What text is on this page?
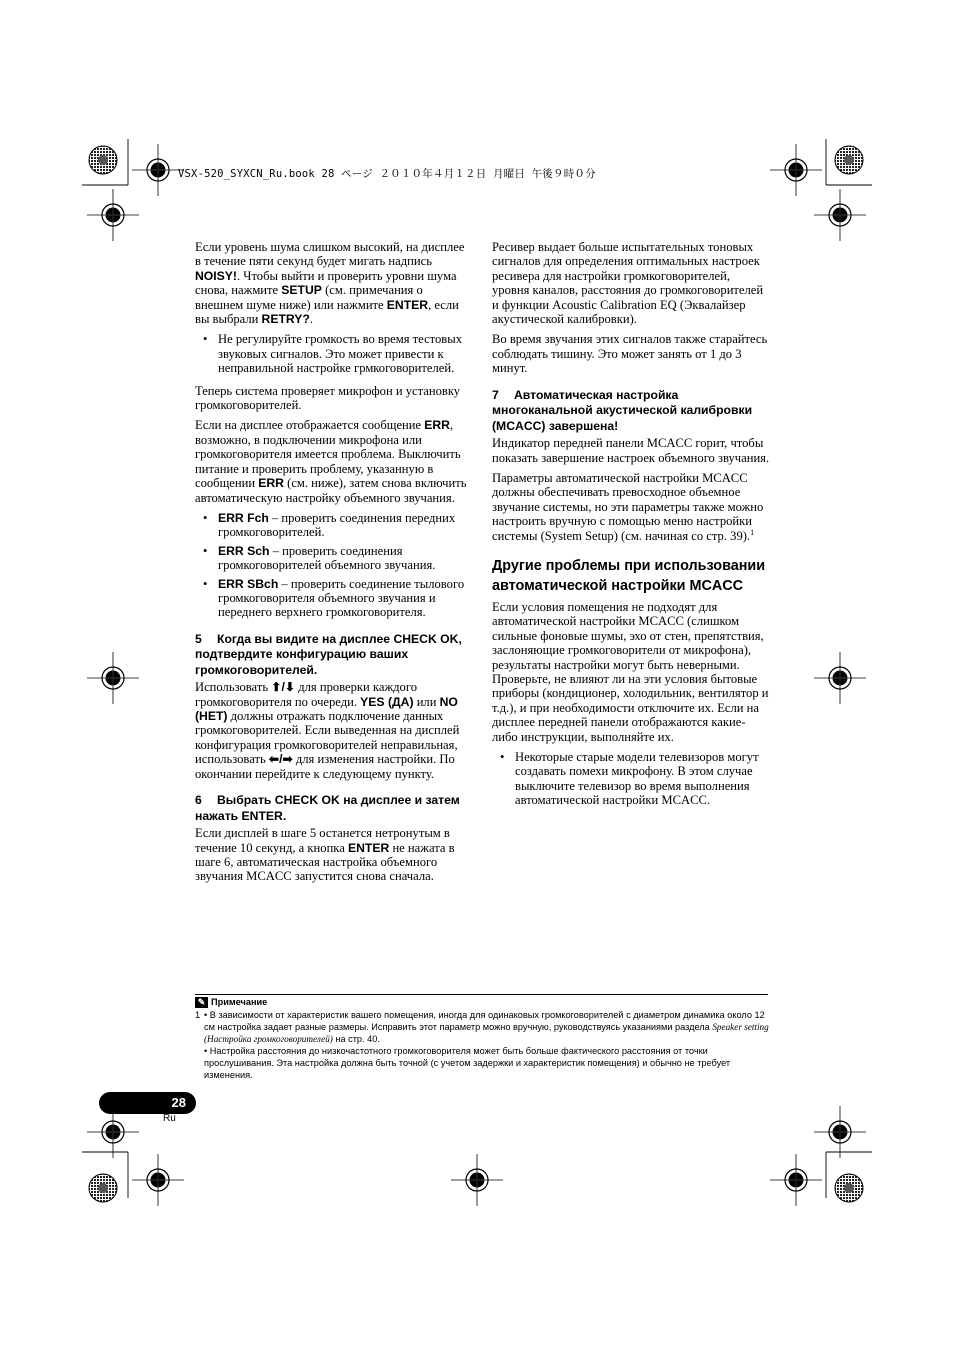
VSX-520_SYXCN_Ru.book 28 ページ ２０１０年４月１２日 月曜日 午後９時０分

Если уровень шума слишком высокий, на дисплее в течение пяти секунд будет мигать надпись NOISY!. Чтобы выйти и проверить уровни шума снова, нажмите SETUP (см. примечания о внешнем шуме ниже) или нажмите ENTER, если вы выбрали RETRY?.

• Не регулируйте громкость во время тестовых звуковых сигналов. Это может привести к неправильной настройке грмкоговорителей.

Теперь система проверяет микрофон и установку громкоговорителей.

Если на дисплее отображается сообщение ERR, возможно, в подключении микрофона или громкоговорителя имеется проблема. Выключить питание и проверить проблему, указанную в сообщении ERR (см. ниже), затем снова включить автоматическую настройку объемного звучания.

• ERR Fch – проверить соединения передних громкоговорителей.
• ERR Sch – проверить соединения громкоговорителей объемного звучания.
• ERR SBch – проверить соединение тылового громкоговорителя объемного звучания и переднего верхнего громкоговорителя.
5 Когда вы видите на дисплее CHECK OK, подтвердите конфигурацию ваших громкоговорителей.

Использовать ⬆/⬇ для проверки каждого громкоговорителя по очереди. YES (ДА) или NO (НЕТ) должны отражать подключение данных громкоговорителей. Если выведенная на дисплей конфигурация громкоговорителей неправильная, использовать ⬅/➡ для изменения настройки. По окончании перейдите к следующему пункту.

6 Выбрать CHECK OK на дисплее и затем нажать ENTER.

Если дисплей в шаге 5 останется нетронутым в течение 10 секунд, а кнопка ENTER не нажата в шаге 6, автоматическая настройка объемного звучания MCACC запустится снова сначала.

Ресивер выдает больше испытательных тоновых сигналов для определения оптимальных настроек ресивера для настройки громкоговорителей, уровня каналов, расстояния до громкоговорителей и функции Acoustic Calibration EQ (Эквалайзер акустической калибровки).

Во время звучания этих сигналов также старайтесь соблюдать тишину. Это может занять от 1 до 3 минут.

7 Автоматическая настройка многоканальной акустической калибровки (MCACC) завершена!

Индикатор передней панели MCACC горит, чтобы показать завершение настроек объемного звучания.

Параметры автоматической настройки MCACC должны обеспечивать превосходное объемное звучание системы, но эти параметры также можно настроить вручную с помощью меню настройки системы (System Setup) (см. начиная со стр. 39).$^1$

Другие проблемы при использовании автоматической настройки MCACC

Если условия помещения не подходят для автоматической настройки MCACC (слишком сильные фоновые шумы, эхо от стен, препятствия, заслоняющие громкоговорители от микрофона), результаты настройки могут быть неверными. Проверьте, не влияют ли на эти условия бытовые приборы (кондиционер, холодильник, вентилятор и т.д.), и при необходимости отключите их. Если на дисплее передней панели отображаются какие-либо инструкции, выполняйте их.

• Некоторые старые модели телевизоров могут создавать помехи микрофону. В этом случае выключите телевизор во время выполнения автоматической настройки MCACC.
✎ Примечание
1 • В зависимости от характеристик вашего помещения, иногда для одинаковых громкоговорителей с диаметром динамика около 12 см настройка задает разные размеры. Исправить этот параметр можно вручную, руководствуясь указаниями раздела Speaker setting (Настройка громкоговорителей) на стр. 40.
• Настройка расстояния до низкочастотного громкоговорителя может быть больше фактического расстояния от точки прослушивания. Эта настройка должна быть точной (с учетом задержки и характеристик помещения) и обычно не требует изменения.
28
Ru
